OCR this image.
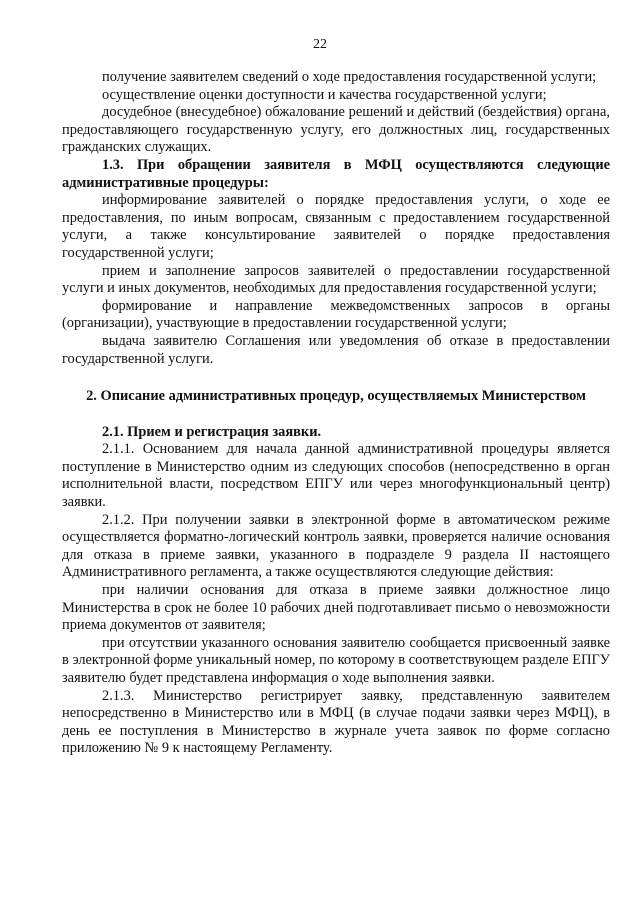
22

получение заявителем сведений о ходе предоставления государственной услуги;

осуществление оценки доступности и качества государственной услуги;

досудебное (внесудебное) обжалование решений и действий (бездействия) органа, предоставляющего государственную услугу, его должностных лиц, государственных гражданских служащих.

1.3. При обращении заявителя в МФЦ осуществляются следующие административные процедуры:

информирование заявителей о порядке предоставления услуги, о ходе ее предоставления, по иным вопросам, связанным с предоставлением государственной услуги, а также консультирование заявителей о порядке предоставления государственной услуги;

прием и заполнение запросов заявителей о предоставлении государственной услуги и иных документов, необходимых для предоставления государственной услуги;

формирование и направление межведомственных запросов в органы (организации), участвующие в предоставлении государственной услуги;

выдача заявителю Соглашения или уведомления об отказе в предоставлении государственной услуги.

2. Описание административных процедур, осуществляемых Министерством

2.1. Прием и регистрация заявки.

2.1.1. Основанием для начала данной административной процедуры является поступление в Министерство одним из следующих способов (непосредственно в орган исполнительной власти, посредством ЕПГУ или через многофункциональный центр) заявки.

2.1.2. При получении заявки в электронной форме в автоматическом режиме осуществляется форматно-логический контроль заявки, проверяется наличие основания для отказа в приеме заявки, указанного в подразделе 9 раздела II настоящего Административного регламента, а также осуществляются следующие действия:

при наличии основания для отказа в приеме заявки должностное лицо Министерства в срок не более 10 рабочих дней подготавливает письмо о невозможности приема документов от заявителя;

при отсутствии указанного основания заявителю сообщается присвоенный заявке в электронной форме уникальный номер, по которому в соответствующем разделе ЕПГУ заявителю будет представлена информация о ходе выполнения заявки.

2.1.3. Министерство регистрирует заявку, представленную заявителем непосредственно в Министерство или в МФЦ (в случае подачи заявки через МФЦ), в день ее поступления в Министерство в журнале учета заявок по форме согласно приложению № 9 к настоящему Регламенту.
